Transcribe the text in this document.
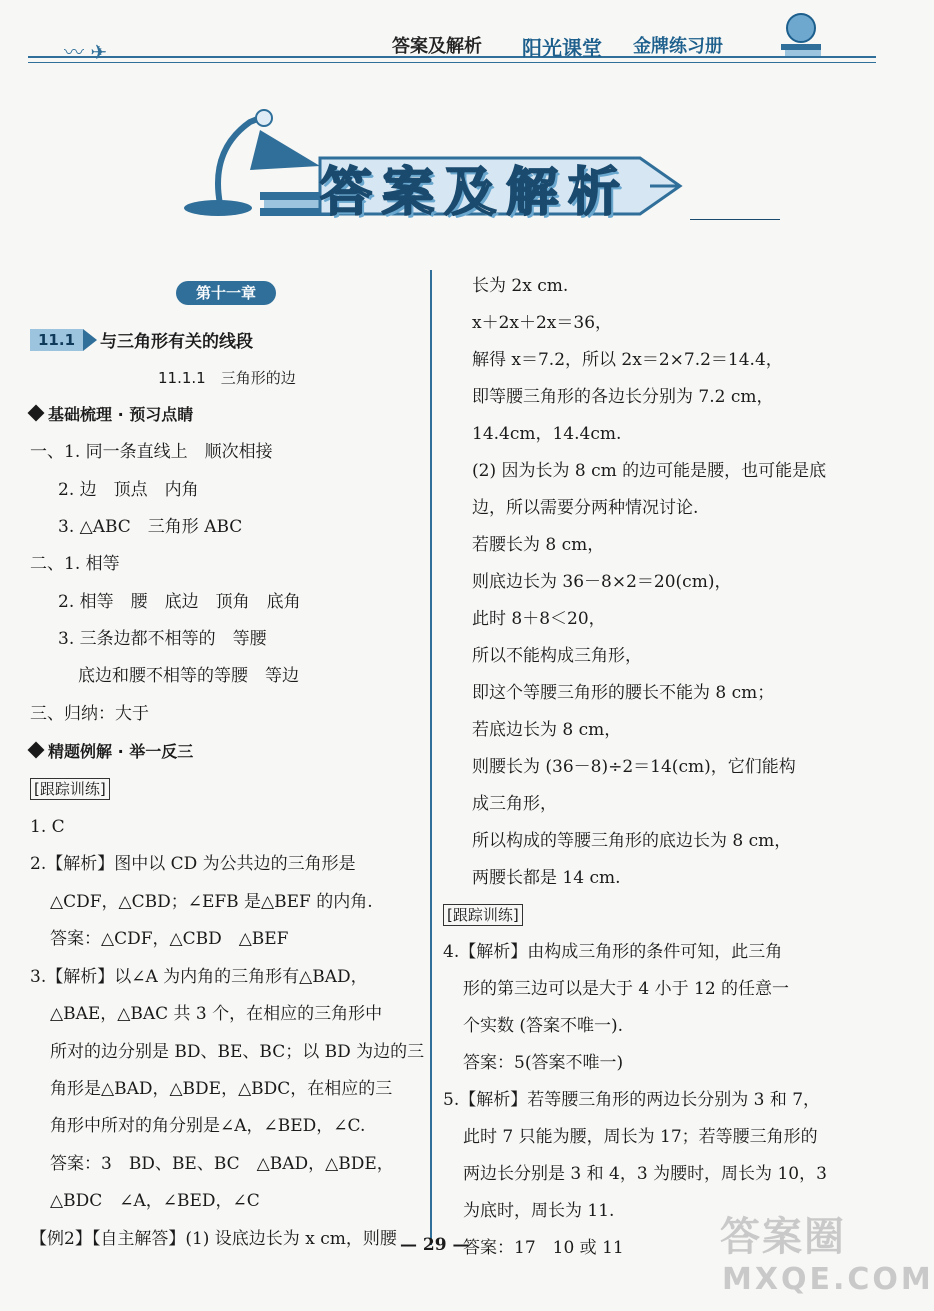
〰 ✈	答案及解析 阳光课堂 金牌练习册
答案及解析
第十一章
11.1	与三角形有关的线段
11.1.1　三角形的边
基础梳理 · 预习点睛
一、1. 同一条直线上　顺次相接
2. 边　顶点　内角
3. △ABC　三角形 ABC
二、1. 相等
2. 相等　腰　底边　顶角　底角
3. 三条边都不相等的　等腰
底边和腰不相等的等腰　等边
三、归纳：大于
精题例解 · 举一反三
[跟踪训练]
1. C
2.【解析】图中以 CD 为公共边的三角形是
△CDF，△CBD；∠EFB 是△BEF 的内角.
答案：△CDF，△CBD　△BEF
3.【解析】以∠A 为内角的三角形有△BAD，
△BAE，△BAC 共 3 个，在相应的三角形中
所对的边分别是 BD、BE、BC；以 BD 为边的三
角形是△BAD，△BDE，△BDC，在相应的三
角形中所对的角分别是∠A，∠BED，∠C.
答案：3　BD、BE、BC　△BAD，△BDE，
△BDC　∠A，∠BED，∠C
【例2】【自主解答】(1) 设底边长为 x cm，则腰
长为 2x cm.
x＋2x＋2x＝36，
解得 x＝7.2，所以 2x＝2×7.2＝14.4，
即等腰三角形的各边长分别为 7.2 cm，
14.4cm，14.4cm.
(2) 因为长为 8 cm 的边可能是腰，也可能是底
边，所以需要分两种情况讨论.
若腰长为 8 cm，
则底边长为 36－8×2＝20(cm)，
此时 8＋8＜20，
所以不能构成三角形，
即这个等腰三角形的腰长不能为 8 cm；
若底边长为 8 cm，
则腰长为 (36－8)÷2＝14(cm)，它们能构
成三角形，
所以构成的等腰三角形的底边长为 8 cm，
两腰长都是 14 cm.
[跟踪训练]
4.【解析】由构成三角形的条件可知，此三角
形的第三边可以是大于 4 小于 12 的任意一
个实数 (答案不唯一).
答案：5(答案不唯一)
5.【解析】若等腰三角形的两边长分别为 3 和 7，
此时 7 只能为腰，周长为 17；若等腰三角形的
两边长分别是 3 和 4，3 为腰时，周长为 10，3
为底时，周长为 11.
答案：17　10 或 11
— 29 —	答案圈
MXQE.COM
